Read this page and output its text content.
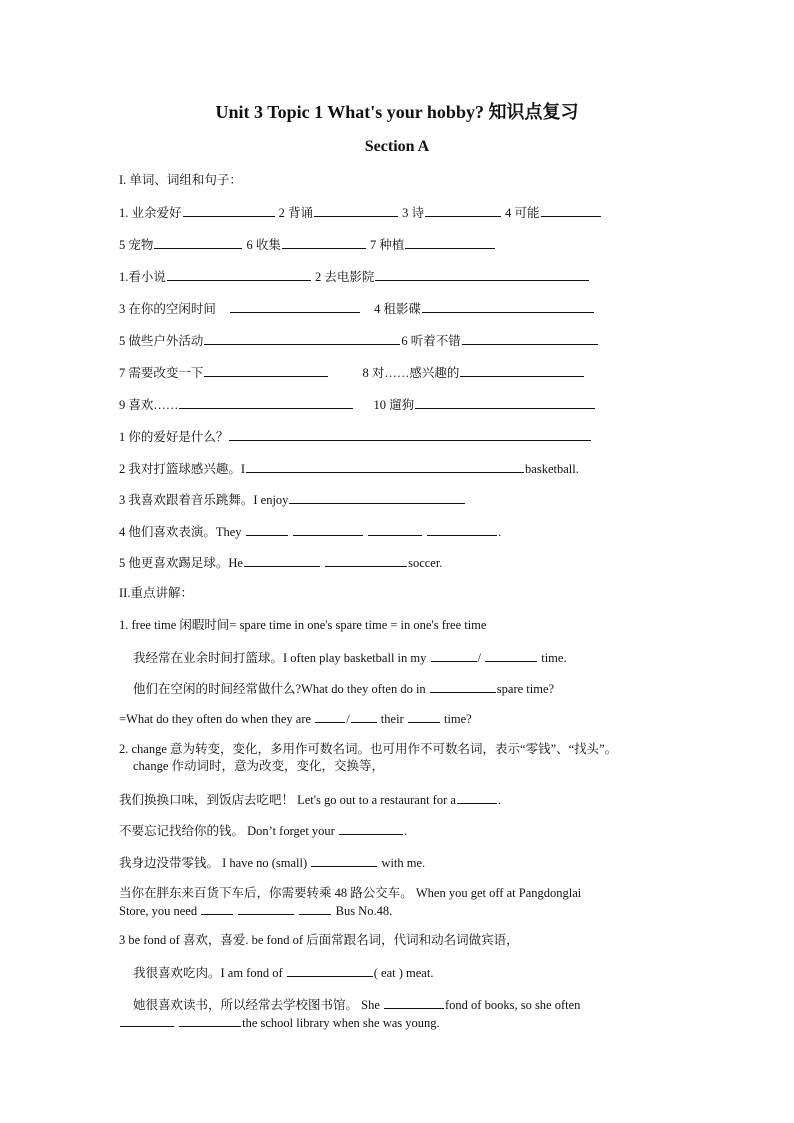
Unit 3 Topic 1 What's your hobby? 知识点复习
Section A
I. 单词、词组和句子：
1. 业余爱好	2 背诵	3 诗	4 可能
5 宠物	6 收集	7 种植
1.看小说	2 去电影院
3 在你的空闲时间	4 租影碟
5 做些户外活动	6 听着不错
7 需要改变一下	8 对……感兴趣的
9 喜欢……	10 遛狗
1 你的爱好是什么？
2 我对打篮球感兴趣。I	basketball.
3 我喜欢跟着音乐跳舞。I enjoy
4 他们喜欢表演。They	.
5 他更喜欢踢足球。He	soccer.
II.重点讲解：
1. free time 闲暇时间= spare time in one's spare time = in one's free time
我经常在业余时间打篮球。I often play basketball in my	/	time.
他们在空闲的时间经常做什么?What do they often do in	spare time?
=What do they often do when they are	/ their	time?
2. change 意为转变，变化，多用作可数名词。也可用作不可数名词，表示“零钱”、“找头”。
change 作动词时，意为改变，变化，交换等，
我们换换口味，到饭店去吃吧！ Let's go out to a restaurant for a	.
不要忘记找给你的钱。 Don’t forget your	.
我身边没带零钱。 I have no (small)	with me.
当你在胖东来百货下车后，你需要转乘 48 路公交车。 When you get off at Pangdonglai
Store, you need	Bus No.48.
3 be fond of 喜欢，喜爱. be fond of 后面常跟名词，代词和动名词做宾语，
我很喜欢吃肉。I am fond of	( eat ) meat.
她很喜欢读书，所以经常去学校图书馆。 She	fond of books, so she often
the school library when she was young.
